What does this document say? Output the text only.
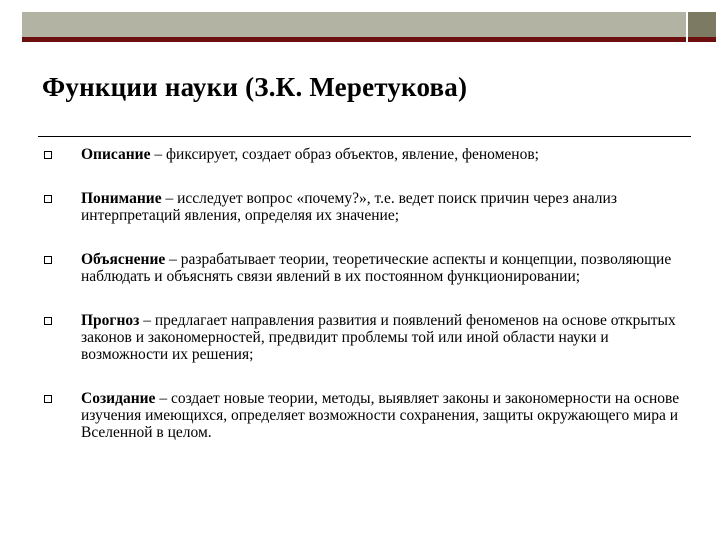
Функции науки (З.К. Меретукова)
Описание – фиксирует, создает образ объектов, явление, феноменов;
Понимание – исследует вопрос «почему?», т.е. ведет поиск причин через анализ интерпретаций явления, определяя их значение;
Объяснение – разрабатывает теории, теоретические аспекты и концепции, позволяющие наблюдать и объяснять связи явлений в их постоянном функционировании;
Прогноз – предлагает направления развития и появлений феноменов на основе открытых законов и закономерностей, предвидит проблемы той или иной области науки и возможности их решения;
Созидание – создает новые теории, методы, выявляет законы и закономерности на основе изучения имеющихся, определяет возможности сохранения, защиты окружающего мира и Вселенной в целом.
